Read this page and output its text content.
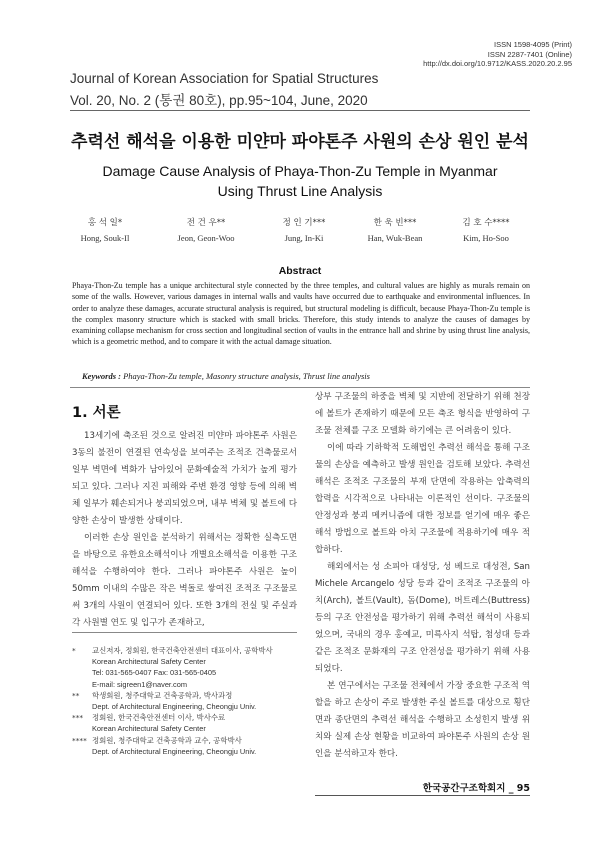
ISSN 1598-4095 (Print)
ISSN 2287-7401 (Online)
http://dx.doi.org/10.9712/KASS.2020.20.2.95
Journal of Korean Association for Spatial Structures
Vol. 20, No. 2 (통권 80호), pp.95~104, June, 2020
추력선 해석을 이용한 미얀마 파야톤주 사원의 손상 원인 분석
Damage Cause Analysis of Phaya-Thon-Zu Temple in Myanmar
Using Thrust Line Analysis
홍 석 일*
Hong, Souk-Il
전 건 우**
Jeon, Geon-Woo
정 인 기***
Jung, In-Ki
한 욱 빈***
Han, Wuk-Bean
김 호 수****
Kim, Ho-Soo
Abstract
Phaya-Thon-Zu temple has a unique architectural style connected by the three temples, and cultural values are highly as murals remain on some of the walls. However, various damages in internal walls and vaults have occurred due to earthquake and environmental influences. In order to analyze these damages, accurate structural analysis is required, but structural modeling is difficult, because Phaya-Thon-Zu temple is the complex masonry structure which is stacked with small bricks. Therefore, this study intends to analyze the causes of damages by examining collapse mechanism for cross section and longitudinal section of vaults in the entrance hall and shrine by using thrust line analysis, which is a geometric method, and to compare it with the actual damage situation.
Keywords : Phaya-Thon-Zu temple, Masonry structure analysis, Thrust line analysis
1. 서론

13세기에 축조된 것으로 알려진 미얀마 파야톤주 사원은 3동의 불전이 연결된 연속성을 보여주는 조적조 건축물로서 일부 벽면에 벽화가 남아있어 문화예술적 가치가 높게 평가되고 있다. 그러나 지진 피해와 주변 환경 영향 등에 의해 벽체 일부가 훼손되거나 붕괴되었으며, 내부 벽체 및 볼트에 다양한 손상이 발생한 상태이다.

이러한 손상 원인을 분석하기 위해서는 정확한 실측도면을 바탕으로 유한요소해석이나 개별요소해석을 이용한 구조 해석을 수행하여야 한다. 그러나 파야톤주 사원은 높이 50mm 이내의 수많은 작은 벽돌로 쌓여진 조적조 구조물로써 3개의 사원이 연결되어 있다. 또한 3개의 전실 및 주실과 각 사원별 연도 및 입구가 존재하고,

상부 구조물의 하중을 벽체 및 지반에 전달하기 위해 천장에 볼트가 존재하기 때문에 모든 축조 형식을 반영하여 구조물 전체를 구조 모델화 하기에는 큰 어려움이 있다.

이에 따라 기하학적 도해법인 추력선 해석을 통해 구조물의 손상을 예측하고 발생 원인을 검토해 보았다. 추력선 해석은 조적조 구조물의 부재 단면에 작용하는 압축력의 합력을 시각적으로 나타내는 이론적인 선이다. 구조물의 안정성과 붕괴 메커니즘에 대한 정보를 얻기에 매우 좋은 해석 방법으로 볼트와 아치 구조물에 적용하기에 매우 적합하다.

해외에서는 성 소피아 대성당, 성 베드로 대성전, San Michele Arcangelo 성당 등과 같이 조적조 구조물의 아치(Arch), 볼트(Vault), 돔(Dome), 버트레스(Buttress) 등의 구조 안전성을 평가하기 위해 추력선 해석이 사용되었으며, 국내의 경우 홍예교, 미륵사지 석탑, 첨성대 등과 같은 조적조 문화재의 구조 안전성을 평가하기 위해 사용되었다.

본 연구에서는 구조물 전체에서 가장 중요한 구조적 역할을 하고 손상이 주로 발생한 주실 볼트를 대상으로 횡단면과 종단면의 추력선 해석을 수행하고 소성힌지 발생 위치와 실제 손상 현황을 비교하여 파야톤주 사원의 손상 원인을 분석하고자 한다.

*	교신저자, 정회원, 한국건축안전센터 대표이사, 공학박사
Korean Architectural Safety Center
Tel: 031-565-0407 Fax: 031-565-0405
E-mail: sigreen1@naver.com
**	학생회원, 청주대학교 건축공학과, 박사과정
Dept. of Architectural Engineering, Cheongju Univ.
***	정회원, 한국건축안전센터 이사, 박사수료
Korean Architectural Safety Center
**** 정회원, 청주대학교 건축공학과 교수, 공학박사
Dept. of Architectural Engineering, Cheongju Univ.
한국공간구조학회지 _ 95
